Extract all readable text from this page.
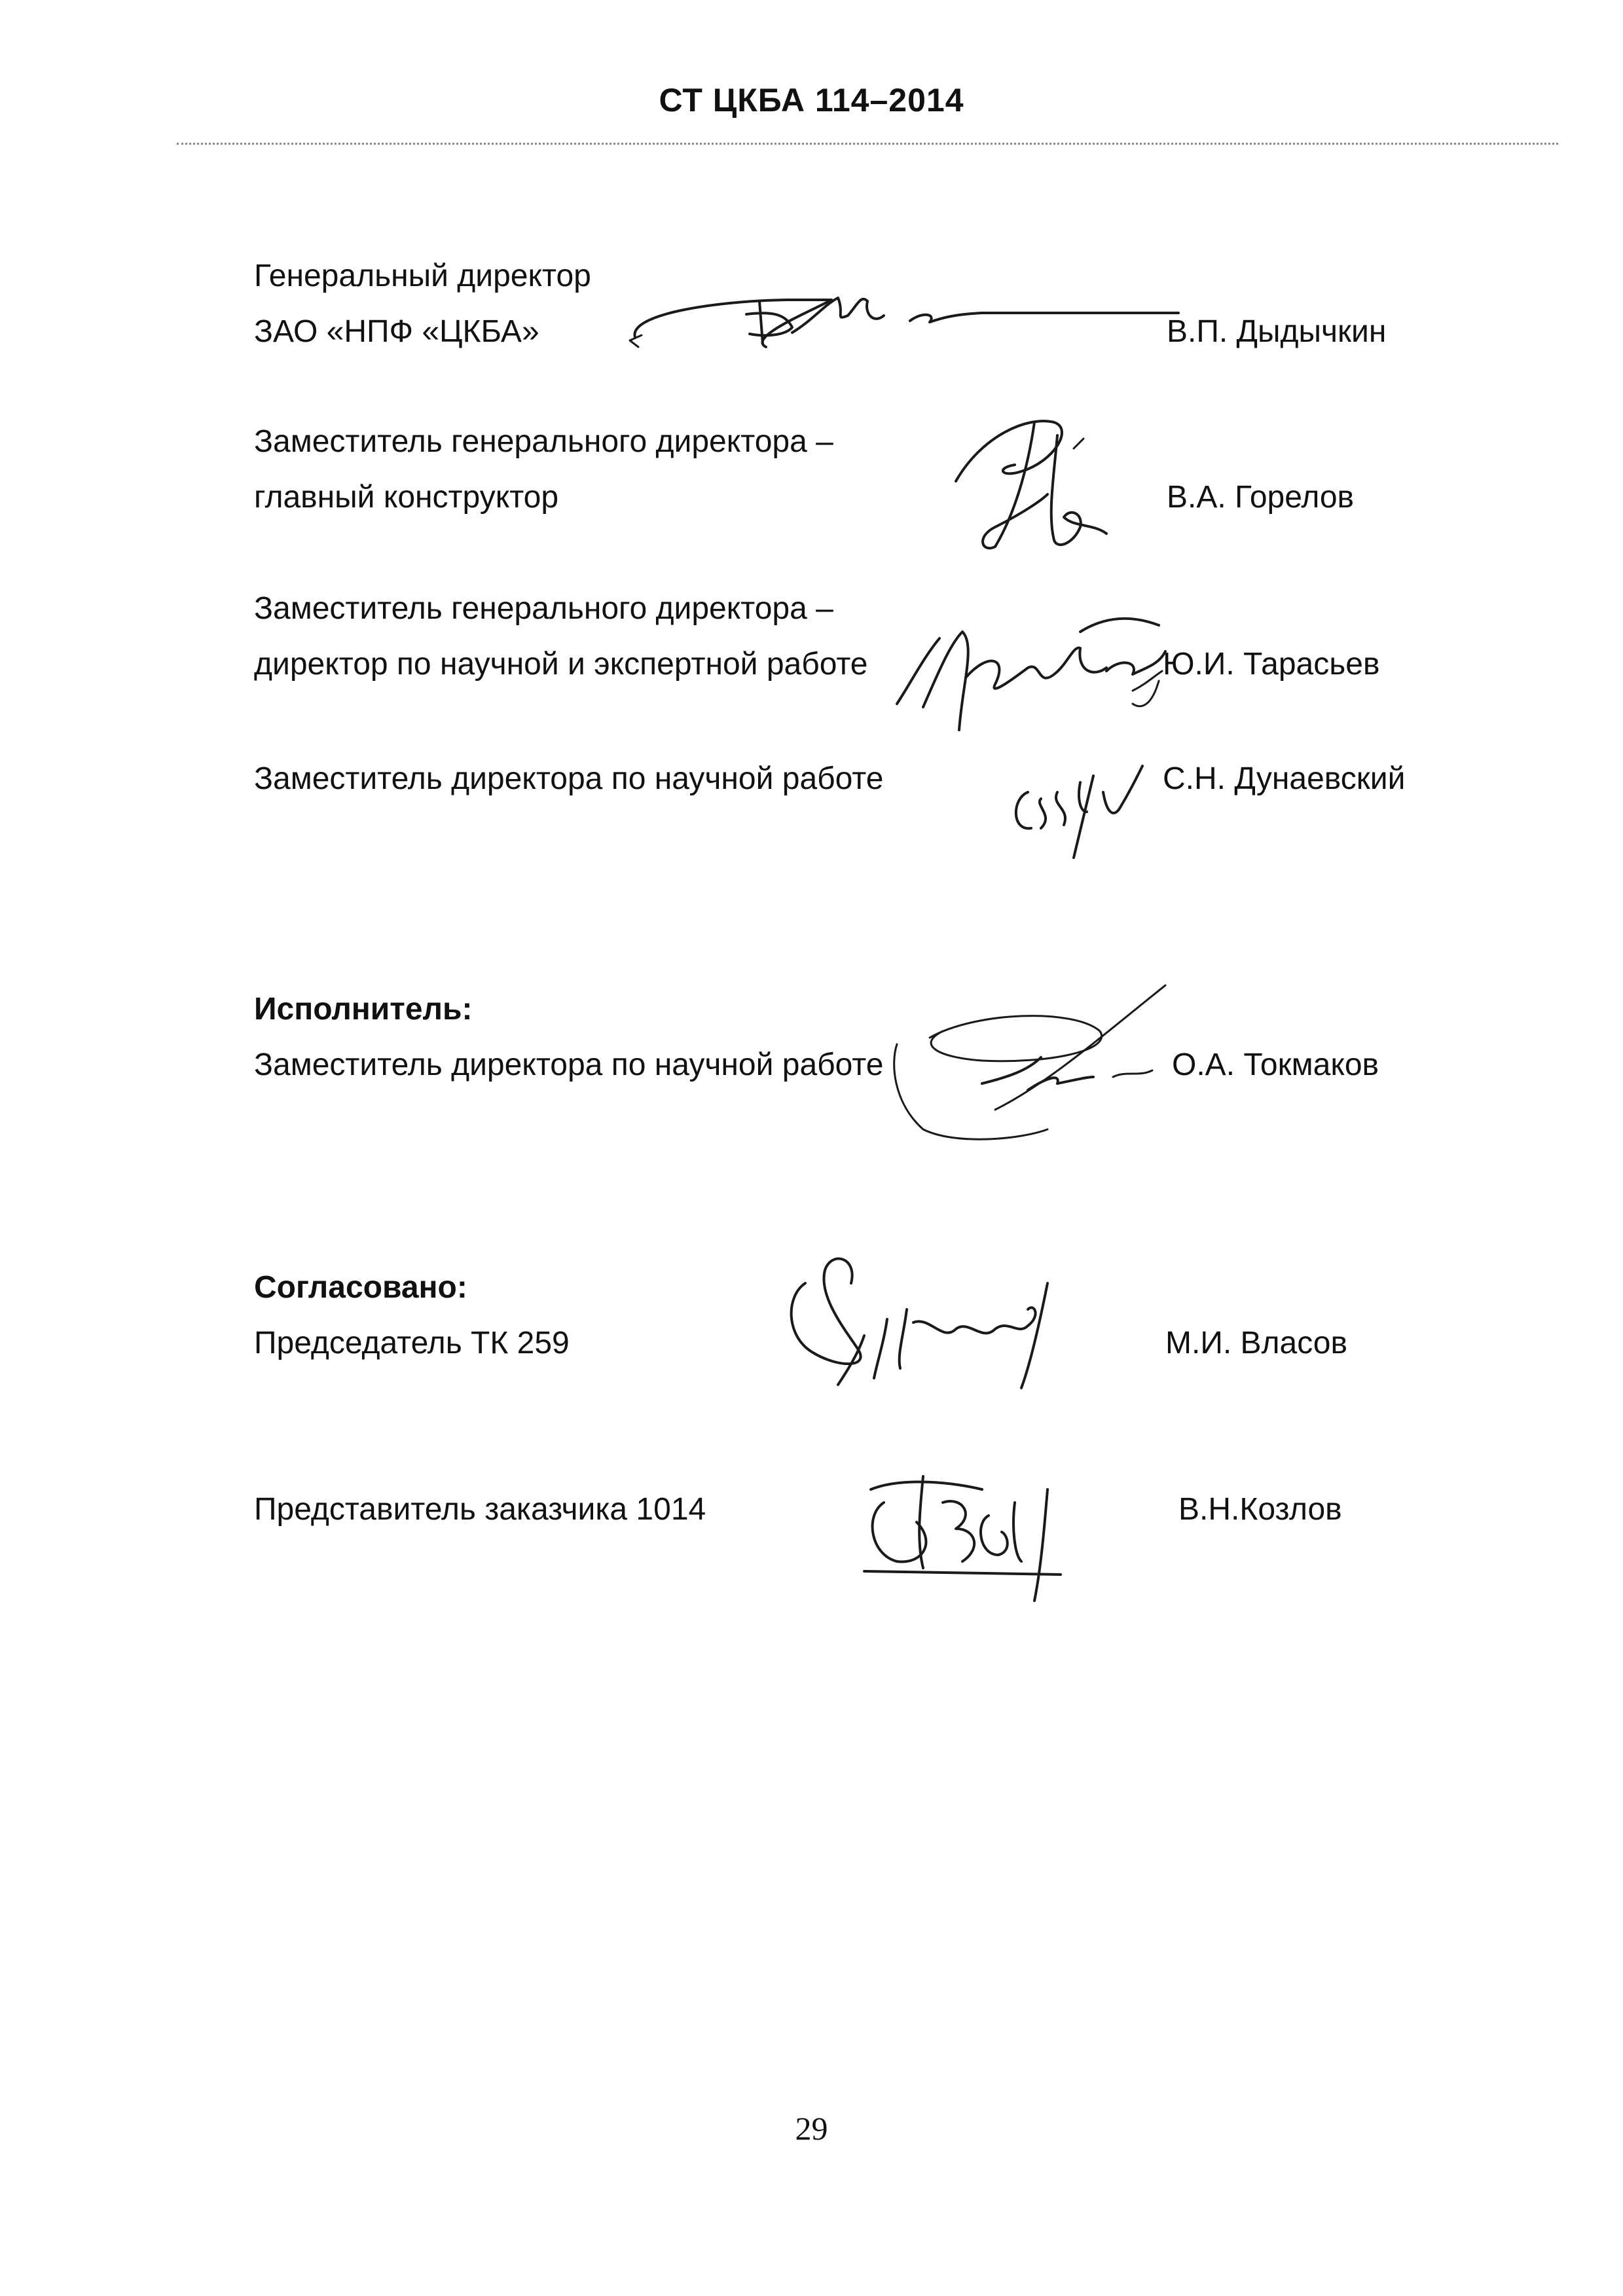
СТ ЦКБА 114–2014
Генеральный директор
ЗАО «НПФ «ЦКБА»	В.П. Дыдычкин
Заместитель генерального директора –
главный конструктор	В.А. Горелов
Заместитель генерального директора –
директор по научной и экспертной работе	Ю.И. Тарасьев
Заместитель директора по научной работе	С.Н. Дунаевский
Исполнитель:
Заместитель директора по научной работе	О.А. Токмаков
Согласовано:
Председатель ТК 259	М.И. Власов
Представитель заказчика 1014	В.Н.Козлов
29
